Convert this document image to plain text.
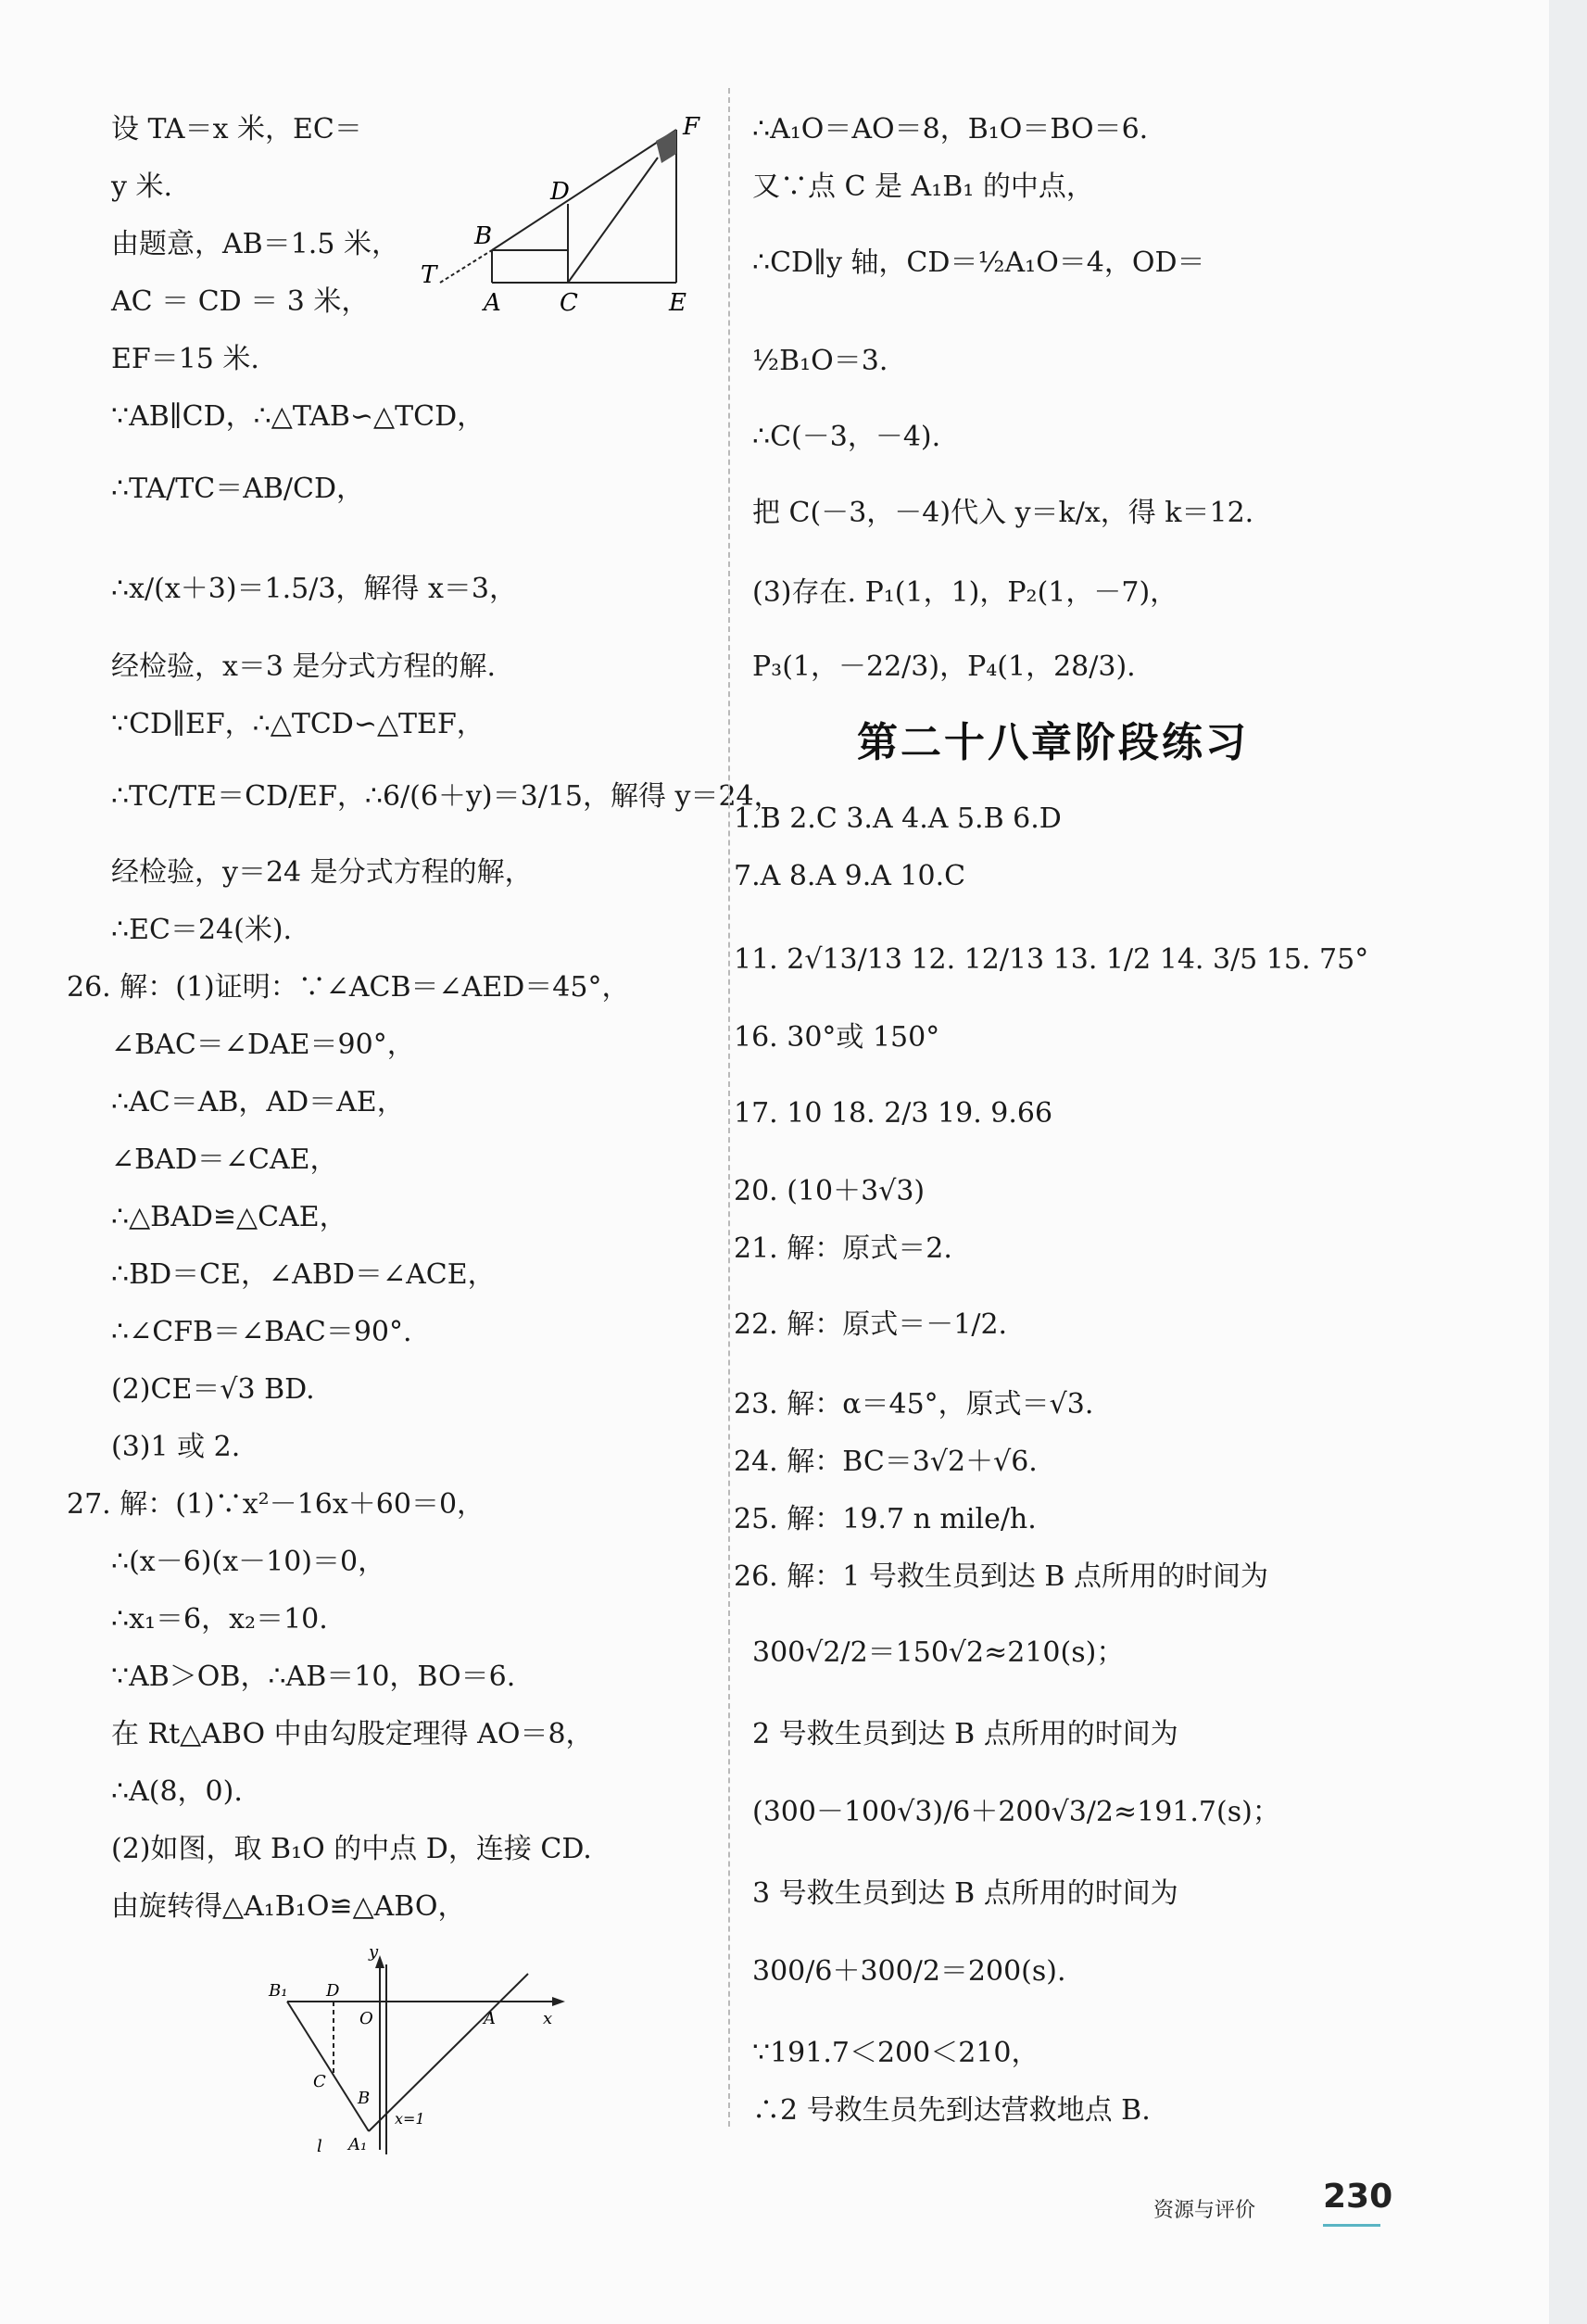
设 TA＝x 米，EC＝
y 米.
由题意，AB＝1.5 米，
AC ＝ CD ＝ 3 米，
EF＝15 米.
∵AB∥CD，∴△TAB∽△TCD，
∴TA/TC＝AB/CD，
∴x/(x＋3)＝1.5/3，解得 x＝3，
经检验，x＝3 是分式方程的解.
∵CD∥EF，∴△TCD∽△TEF，
∴TC/TE＝CD/EF，∴6/(6＋y)＝3/15，解得 y＝24，
经检验，y＝24 是分式方程的解，
∴EC＝24(米).
26. 解：(1)证明：∵∠ACB＝∠AED＝45°，
∠BAC＝∠DAE＝90°，
∴AC＝AB，AD＝AE，
∠BAD＝∠CAE，
∴△BAD≌△CAE，
∴BD＝CE，∠ABD＝∠ACE，
∴∠CFB＝∠BAC＝90°.
(2)CE＝√3 BD.
(3)1 或 2.
27. 解：(1)∵x²－16x＋60＝0，
∴(x－6)(x－10)＝0，
∴x₁＝6，x₂＝10.
∵AB＞OB，∴AB＝10，BO＝6.
在 Rt△ABO 中由勾股定理得 AO＝8，
∴A(8，0).
(2)如图，取 B₁O 的中点 D，连接 CD.
由旋转得△A₁B₁O≌△ABO，
∴A₁O＝AO＝8，B₁O＝BO＝6.
又∵点 C 是 A₁B₁ 的中点，
∴CD∥y 轴，CD＝½A₁O＝4，OD＝
½B₁O＝3.
∴C(－3，－4).
把 C(－3，－4)代入 y＝k/x，得 k＝12.
(3)存在. P₁(1，1)，P₂(1，－7)，
P₃(1，－22/3)，P₄(1，28/3).
1.B 2.C 3.A 4.A 5.B 6.D
7.A 8.A 9.A 10.C
11. 2√13/13 12. 12/13 13. 1/2 14. 3/5 15. 75°
16. 30°或 150°
17. 10 18. 2/3 19. 9.66
20. (10＋3√3)
21. 解：原式＝2.
22. 解：原式＝－1/2.
23. 解：α＝45°，原式＝√3.
24. 解：BC＝3√2＋√6.
25. 解：19.7 n mile/h.
26. 解：1 号救生员到达 B 点所用的时间为
300√2/2＝150√2≈210(s)；
2 号救生员到达 B 点所用的时间为
(300－100√3)/6＋200√3/2≈191.7(s)；
3 号救生员到达 B 点所用的时间为
300/6＋300/2＝200(s).
∵191.7＜200＜210，
∴2 号救生员先到达营救地点 B.
第二十八章阶段练习
F
D
B
T
A C	E
y
B₁ D
O	A	x
C
B
x=1
l A₁
资源与评价 230
